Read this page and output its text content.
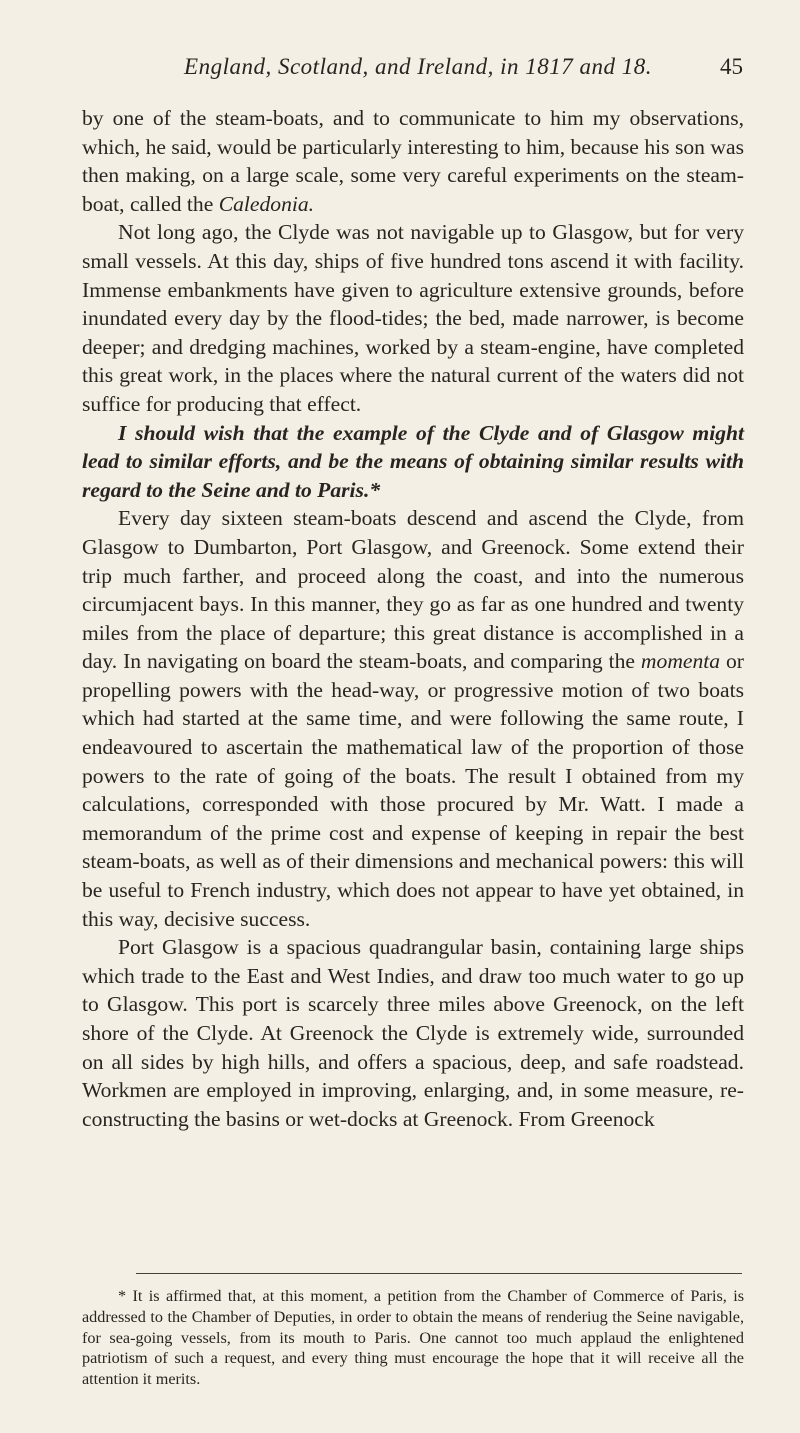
England, Scotland, and Ireland, in 1817 and 18.	45

by one of the steam-boats, and to communicate to him my observations, which, he said, would be particularly interesting to him, because his son was then making, on a large scale, some very careful experiments on the steam-boat, called the Caledonia.

Not long ago, the Clyde was not navigable up to Glasgow, but for very small vessels. At this day, ships of five hundred tons ascend it with facility. Immense embankments have given to agriculture extensive grounds, before inundated every day by the flood-tides; the bed, made narrower, is become deeper; and dredging machines, worked by a steam-engine, have completed this great work, in the places where the natural current of the waters did not suffice for producing that effect.

I should wish that the example of the Clyde and of Glasgow might lead to similar efforts, and be the means of obtaining similar results with regard to the Seine and to Paris.*

Every day sixteen steam-boats descend and ascend the Clyde, from Glasgow to Dumbarton, Port Glasgow, and Greenock. Some extend their trip much farther, and proceed along the coast, and into the numerous circumjacent bays. In this manner, they go as far as one hundred and twenty miles from the place of departure; this great distance is accomplished in a day. In navigating on board the steam-boats, and comparing the momenta or propelling powers with the head-way, or progressive motion of two boats which had started at the same time, and were following the same route, I endeavoured to ascertain the mathematical law of the proportion of those powers to the rate of going of the boats. The result I obtained from my calculations, corresponded with those procured by Mr. Watt. I made a memorandum of the prime cost and expense of keeping in repair the best steam-boats, as well as of their dimensions and mechanical powers: this will be useful to French industry, which does not appear to have yet obtained, in this way, decisive success.

Port Glasgow is a spacious quadrangular basin, containing large ships which trade to the East and West Indies, and draw too much water to go up to Glasgow. This port is scarcely three miles above Greenock, on the left shore of the Clyde. At Greenock the Clyde is extremely wide, surrounded on all sides by high hills, and offers a spacious, deep, and safe roadstead. Workmen are employed in improving, enlarging, and, in some measure, re-constructing the basins or wet-docks at Greenock. From Greenock

* It is affirmed that, at this moment, a petition from the Chamber of Commerce of Paris, is addressed to the Chamber of Deputies, in order to obtain the means of renderiug the Seine navigable, for sea-going vessels, from its mouth to Paris. One cannot too much applaud the enlightened patriotism of such a request, and every thing must encourage the hope that it will receive all the attention it merits.
